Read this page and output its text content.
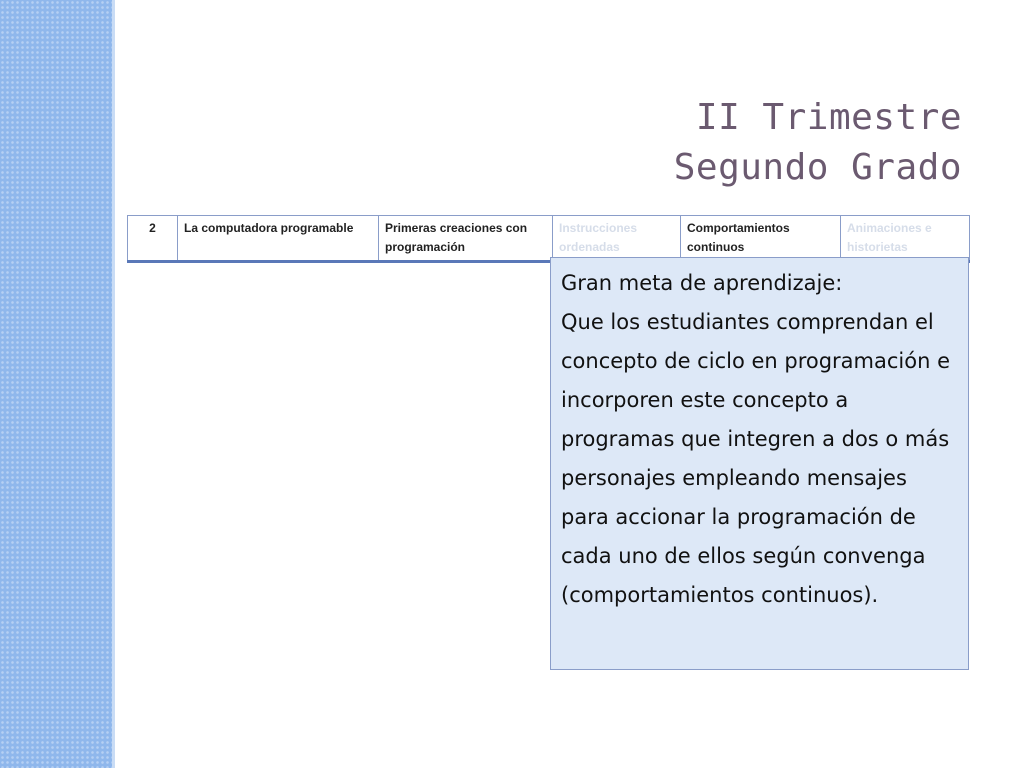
II Trimestre
Segundo Grado
2	La computadora programable	Primeras creaciones con programación	Instrucciones ordenadas	Comportamientos continuos	Animaciones e historietas
Gran meta de aprendizaje:
Que los estudiantes comprendan el concepto de ciclo en programación e incorporen este concepto a programas que integren a dos o más personajes empleando mensajes para accionar la programación de cada uno de ellos según convenga (comportamientos continuos).
